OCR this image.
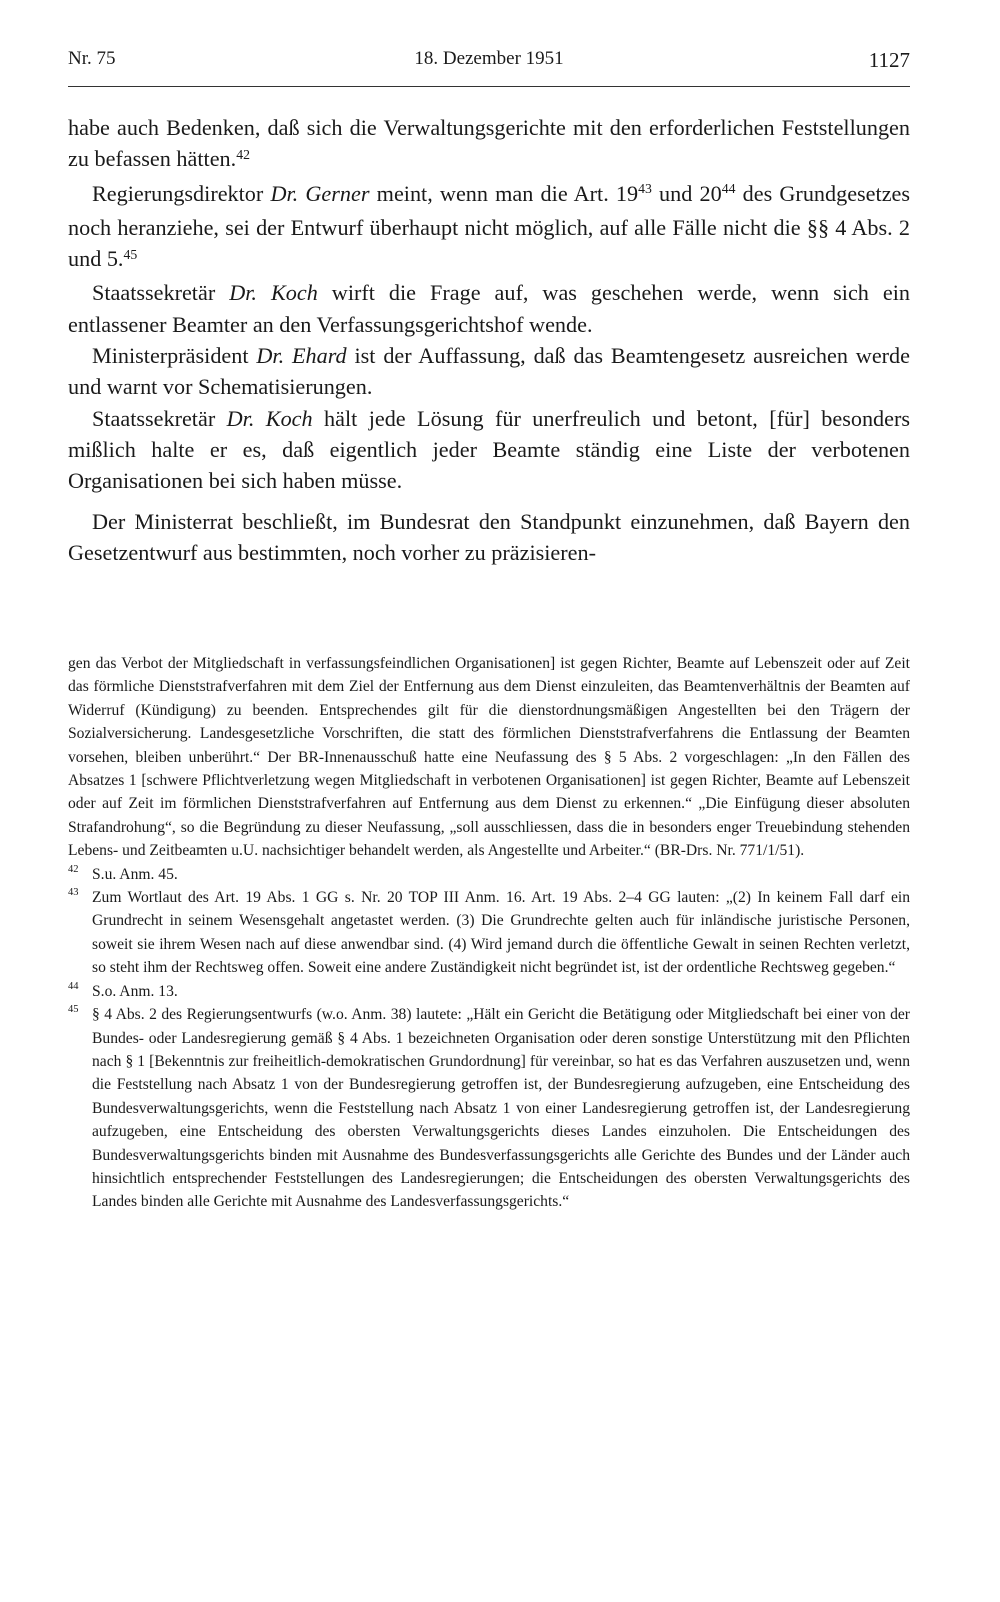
Nr. 75	18. Dezember 1951	1127

habe auch Bedenken, daß sich die Verwaltungsgerichte mit den erforderlichen Feststellungen zu befassen hätten.$^{42}$

Regierungsdirektor Dr. Gerner meint, wenn man die Art. $19^{43}$ und $20^{44}$ des Grundgesetzes noch heranziehe, sei der Entwurf überhaupt nicht möglich, auf alle Fälle nicht die §§ 4 Abs. 2 und 5.45

Staatssekretär Dr. Koch wirft die Frage auf, was geschehen werde, wenn sich ein entlassener Beamter an den Verfassungsgerichtshof wende.

Ministerpräsident Dr. Ehard ist der Auffassung, daß das Beamtengesetz ausreichen werde und warnt vor Schematisierungen.

Staatssekretär Dr. Koch hält jede Lösung für unerfreulich und betont, [für] besonders mißlich halte er es, daß eigentlich jeder Beamte ständig eine Liste der verbotenen Organisationen bei sich haben müsse.

Der Ministerrat beschließt, im Bundesrat den Standpunkt einzunehmen, daß Bayern den Gesetzentwurf aus bestimmten, noch vorher zu präzisieren-

gen das Verbot der Mitgliedschaft in verfassungsfeindlichen Organisationen] ist gegen Richter, Beamte auf Lebenszeit oder auf Zeit das förmliche Dienststrafverfahren mit dem Ziel der Entfernung aus dem Dienst einzuleiten, das Beamtenverhältnis der Beamten auf Widerruf (Kündigung) zu beenden. Entsprechendes gilt für die dienstordnungsmäßigen Angestellten bei den Trägern der Sozialversicherung. Landesgesetzliche Vorschriften, die statt des förmlichen Dienststrafverfahrens die Entlassung der Beamten vorsehen, bleiben unberührt.“ Der BR-Innenausschuß hatte eine Neufassung des § 5 Abs. 2 vorgeschlagen: „In den Fällen des Absatzes 1 [schwere Pflichtverletzung wegen Mitgliedschaft in verbotenen Organisationen] ist gegen Richter, Beamte auf Lebenszeit oder auf Zeit im förmlichen Dienststrafverfahren auf Entfernung aus dem Dienst zu erkennen.“ „Die Einfügung dieser absoluten Strafandrohung“, so die Begründung zu dieser Neufassung, „soll ausschliessen, dass die in besonders enger Treuebindung stehenden Lebens- und Zeitbeamten u.U. nachsichtiger behandelt werden, als Angestellte und Arbeiter.“ (BR-Drs. Nr. 771/1/51).

42 S.u. Anm. 45.

43 Zum Wortlaut des Art. 19 Abs. 1 GG s. Nr. 20 TOP III Anm. 16. Art. 19 Abs. 2–4 GG lauten: „(2) In keinem Fall darf ein Grundrecht in seinem Wesensgehalt angetastet werden. (3) Die Grundrechte gelten auch für inländische juristische Personen, soweit sie ihrem Wesen nach auf diese anwendbar sind. (4) Wird jemand durch die öffentliche Gewalt in seinen Rechten verletzt, so steht ihm der Rechtsweg offen. Soweit eine andere Zuständigkeit nicht begründet ist, ist der ordentliche Rechtsweg gegeben.“

44 S.o. Anm. 13.

45 § 4 Abs. 2 des Regierungsentwurfs (w.o. Anm. 38) lautete: „Hält ein Gericht die Betätigung oder Mitgliedschaft bei einer von der Bundes- oder Landesregierung gemäß § 4 Abs. 1 bezeichneten Organisation oder deren sonstige Unterstützung mit den Pflichten nach § 1 [Bekenntnis zur freiheitlich-demokratischen Grundordnung] für vereinbar, so hat es das Verfahren auszusetzen und, wenn die Feststellung nach Absatz 1 von der Bundesregierung getroffen ist, der Bundesregierung aufzugeben, eine Entscheidung des Bundesverwaltungsgerichts, wenn die Feststellung nach Absatz 1 von einer Landesregierung getroffen ist, der Landesregierung aufzugeben, eine Entscheidung des obersten Verwaltungsgerichts dieses Landes einzuholen. Die Entscheidungen des Bundesverwaltungsgerichts binden mit Ausnahme des Bundesverfassungsgerichts alle Gerichte des Bundes und der Länder auch hinsichtlich entsprechender Feststellungen des Landesregierungen; die Entscheidungen des obersten Verwaltungsgerichts des Landes binden alle Gerichte mit Ausnahme des Landesverfassungsgerichts.“
